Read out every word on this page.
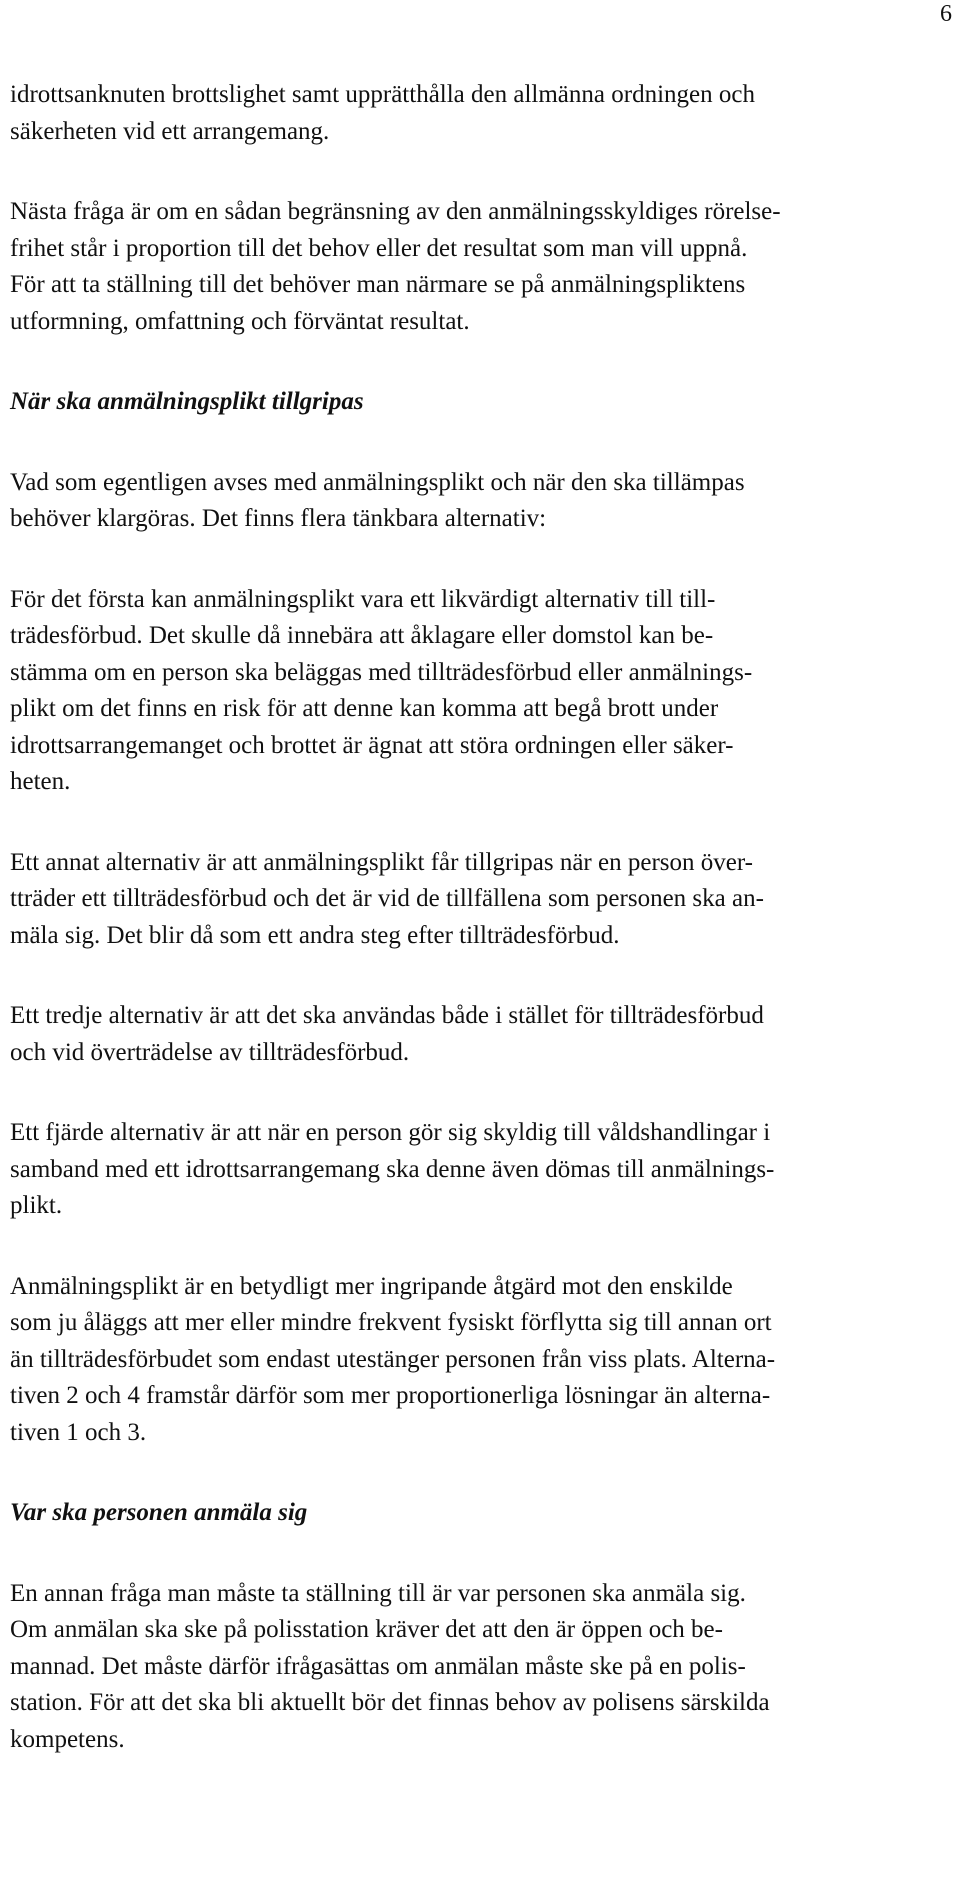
6

idrottsanknuten brottslighet samt upprätthålla den allmänna ordningen och
säkerheten vid ett arrangemang.

Nästa fråga är om en sådan begränsning av den anmälningsskyldiges rörelse-
frihet står i proportion till det behov eller det resultat som man vill uppnå.
För att ta ställning till det behöver man närmare se på anmälningspliktens
utformning, omfattning och förväntat resultat.

När ska anmälningsplikt tillgripas

Vad som egentligen avses med anmälningsplikt och när den ska tillämpas
behöver klargöras. Det finns flera tänkbara alternativ:

För det första kan anmälningsplikt vara ett likvärdigt alternativ till till-
trädesförbud. Det skulle då innebära att åklagare eller domstol kan be-
stämma om en person ska beläggas med tillträdesförbud eller anmälnings-
plikt om det finns en risk för att denne kan komma att begå brott under
idrottsarrangemanget och brottet är ägnat att störa ordningen eller säker-
heten.

Ett annat alternativ är att anmälningsplikt får tillgripas när en person över-
tträder ett tillträdesförbud och det är vid de tillfällena som personen ska an-
mäla sig. Det blir då som ett andra steg efter tillträdesförbud.

Ett tredje alternativ är att det ska användas både i stället för tillträdesförbud
och vid överträdelse av tillträdesförbud.

Ett fjärde alternativ är att när en person gör sig skyldig till våldshandlingar i
samband med ett idrottsarrangemang ska denne även dömas till anmälnings-
plikt.

Anmälningsplikt är en betydligt mer ingripande åtgärd mot den enskilde
som ju åläggs att mer eller mindre frekvent fysiskt förflytta sig till annan ort
än tillträdesförbudet som endast utestänger personen från viss plats. Alterna-
tiven 2 och 4 framstår därför som mer proportionerliga lösningar än alterna-
tiven 1 och 3.

Var ska personen anmäla sig

En annan fråga man måste ta ställning till är var personen ska anmäla sig.
Om anmälan ska ske på polisstation kräver det att den är öppen och be-
mannad. Det måste därför ifrågasättas om anmälan måste ske på en polis-
station. För att det ska bli aktuellt bör det finnas behov av polisens särskilda
kompetens.
